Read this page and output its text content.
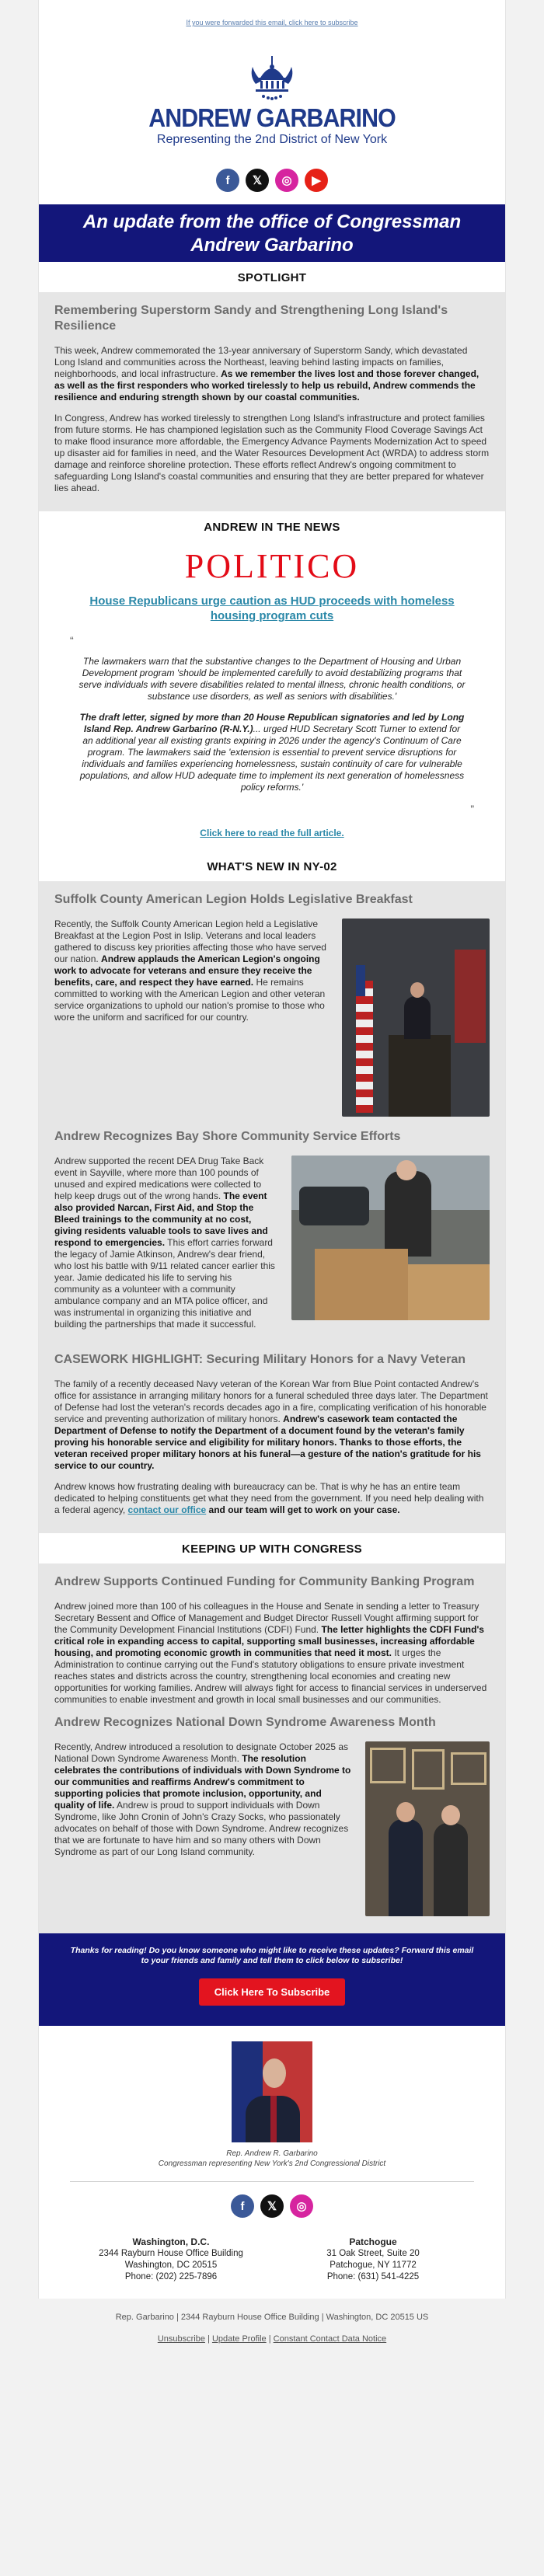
If you were forwarded this email, click here to subscribe
ANDREW GARBARINO
Representing the 2nd District of New York
f	𝕏	◎	▶
An update from the office of Congressman Andrew Garbarino
SPOTLIGHT
Remembering Superstorm Sandy and Strengthening Long Island's Resilience

This week, Andrew commemorated the 13-year anniversary of Superstorm Sandy, which devastated Long Island and communities across the Northeast, leaving behind lasting impacts on families, neighborhoods, and local infrastructure. As we remember the lives lost and those forever changed, as well as the first responders who worked tirelessly to help us rebuild, Andrew commends the resilience and enduring strength shown by our coastal communities.

In Congress, Andrew has worked tirelessly to strengthen Long Island's infrastructure and protect families from future storms. He has championed legislation such as the Community Flood Coverage Savings Act to make flood insurance more affordable, the Emergency Advance Payments Modernization Act to speed up disaster aid for families in need, and the Water Resources Development Act (WRDA) to address storm damage and reinforce shoreline protection. These efforts reflect Andrew's ongoing commitment to safeguarding Long Island's coastal communities and ensuring that they are better prepared for whatever lies ahead.

ANDREW IN THE NEWS
POLITICO
House Republicans urge caution as HUD proceeds with homeless housing program cuts
“

The lawmakers warn that the substantive changes to the Department of Housing and Urban Development program 'should be implemented carefully to avoid destabilizing programs that serve individuals with severe disabilities related to mental illness, chronic health conditions, or substance use disorders, as well as seniors with disabilities.'

The draft letter, signed by more than 20 House Republican signatories and led by Long Island Rep. Andrew Garbarino (R-N.Y.)... urged HUD Secretary Scott Turner to extend for an additional year all existing grants expiring in 2026 under the agency's Continuum of Care program. The lawmakers said the 'extension is essential to prevent service disruptions for individuals and families experiencing homelessness, sustain continuity of care for vulnerable populations, and allow HUD adequate time to implement its next generation of homelessness policy reforms.'

”
Click here to read the full article.
WHAT'S NEW IN NY-02
Suffolk County American Legion Holds Legislative Breakfast

Recently, the Suffolk County American Legion held a Legislative Breakfast at the Legion Post in Islip. Veterans and local leaders gathered to discuss key priorities affecting those who have served our nation. Andrew applauds the American Legion's ongoing work to advocate for veterans and ensure they receive the benefits, care, and respect they have earned. He remains committed to working with the American Legion and other veteran service organizations to uphold our nation's promise to those who wore the uniform and sacrificed for our country.

Andrew Recognizes Bay Shore Community Service Efforts

Andrew supported the recent DEA Drug Take Back event in Sayville, where more than 100 pounds of unused and expired medications were collected to help keep drugs out of the wrong hands. The event also provided Narcan, First Aid, and Stop the Bleed trainings to the community at no cost, giving residents valuable tools to save lives and respond to emergencies. This effort carries forward the legacy of Jamie Atkinson, Andrew's dear friend, who lost his battle with 9/11 related cancer earlier this year. Jamie dedicated his life to serving his community as a volunteer with a community ambulance company and an MTA police officer, and was instrumental in organizing this initiative and building the partnerships that made it successful.

CASEWORK HIGHLIGHT: Securing Military Honors for a Navy Veteran

The family of a recently deceased Navy veteran of the Korean War from Blue Point contacted Andrew's office for assistance in arranging military honors for a funeral scheduled three days later. The Department of Defense had lost the veteran's records decades ago in a fire, complicating verification of his honorable service and preventing authorization of military honors. Andrew's casework team contacted the Department of Defense to notify the Department of a document found by the veteran's family proving his honorable service and eligibility for military honors. Thanks to those efforts, the veteran received proper military honors at his funeral—a gesture of the nation's gratitude for his service to our country.

Andrew knows how frustrating dealing with bureaucracy can be. That is why he has an entire team dedicated to helping constituents get what they need from the government. If you need help dealing with a federal agency, contact our office and our team will get to work on your case.

KEEPING UP WITH CONGRESS
Andrew Supports Continued Funding for Community Banking Program

Andrew joined more than 100 of his colleagues in the House and Senate in sending a letter to Treasury Secretary Bessent and Office of Management and Budget Director Russell Vought affirming support for the Community Development Financial Institutions (CDFI) Fund. The letter highlights the CDFI Fund's critical role in expanding access to capital, supporting small businesses, increasing affordable housing, and promoting economic growth in communities that need it most. It urges the Administration to continue carrying out the Fund's statutory obligations to ensure private investment reaches states and districts across the country, strengthening local economies and creating new opportunities for working families. Andrew will always fight for access to financial services in underserved communities to enable investment and growth in local small businesses and our communities.

Andrew Recognizes National Down Syndrome Awareness Month

Recently, Andrew introduced a resolution to designate October 2025 as National Down Syndrome Awareness Month. The resolution celebrates the contributions of individuals with Down Syndrome to our communities and reaffirms Andrew's commitment to supporting policies that promote inclusion, opportunity, and quality of life. Andrew is proud to support individuals with Down Syndrome, like John Cronin of John's Crazy Socks, who passionately advocates on behalf of those with Down Syndrome. Andrew recognizes that we are fortunate to have him and so many others with Down Syndrome as part of our Long Island community.

Thanks for reading! Do you know someone who might like to receive these updates? Forward this email to your friends and family and tell them to click below to subscribe!

Click Here To Subscribe
Rep. Andrew R. Garbarino
Congressman representing New York's 2nd Congressional District
f	𝕏	◎
Washington, D.C.
2344 Rayburn House Office Building
Washington, DC 20515
Phone: (202) 225-7896
Patchogue
31 Oak Street, Suite 20
Patchogue, NY 11772
Phone: (631) 541-4225
Rep. Garbarino | 2344 Rayburn House Office Building | Washington, DC 20515 US
Unsubscribe | Update Profile | Constant Contact Data Notice
